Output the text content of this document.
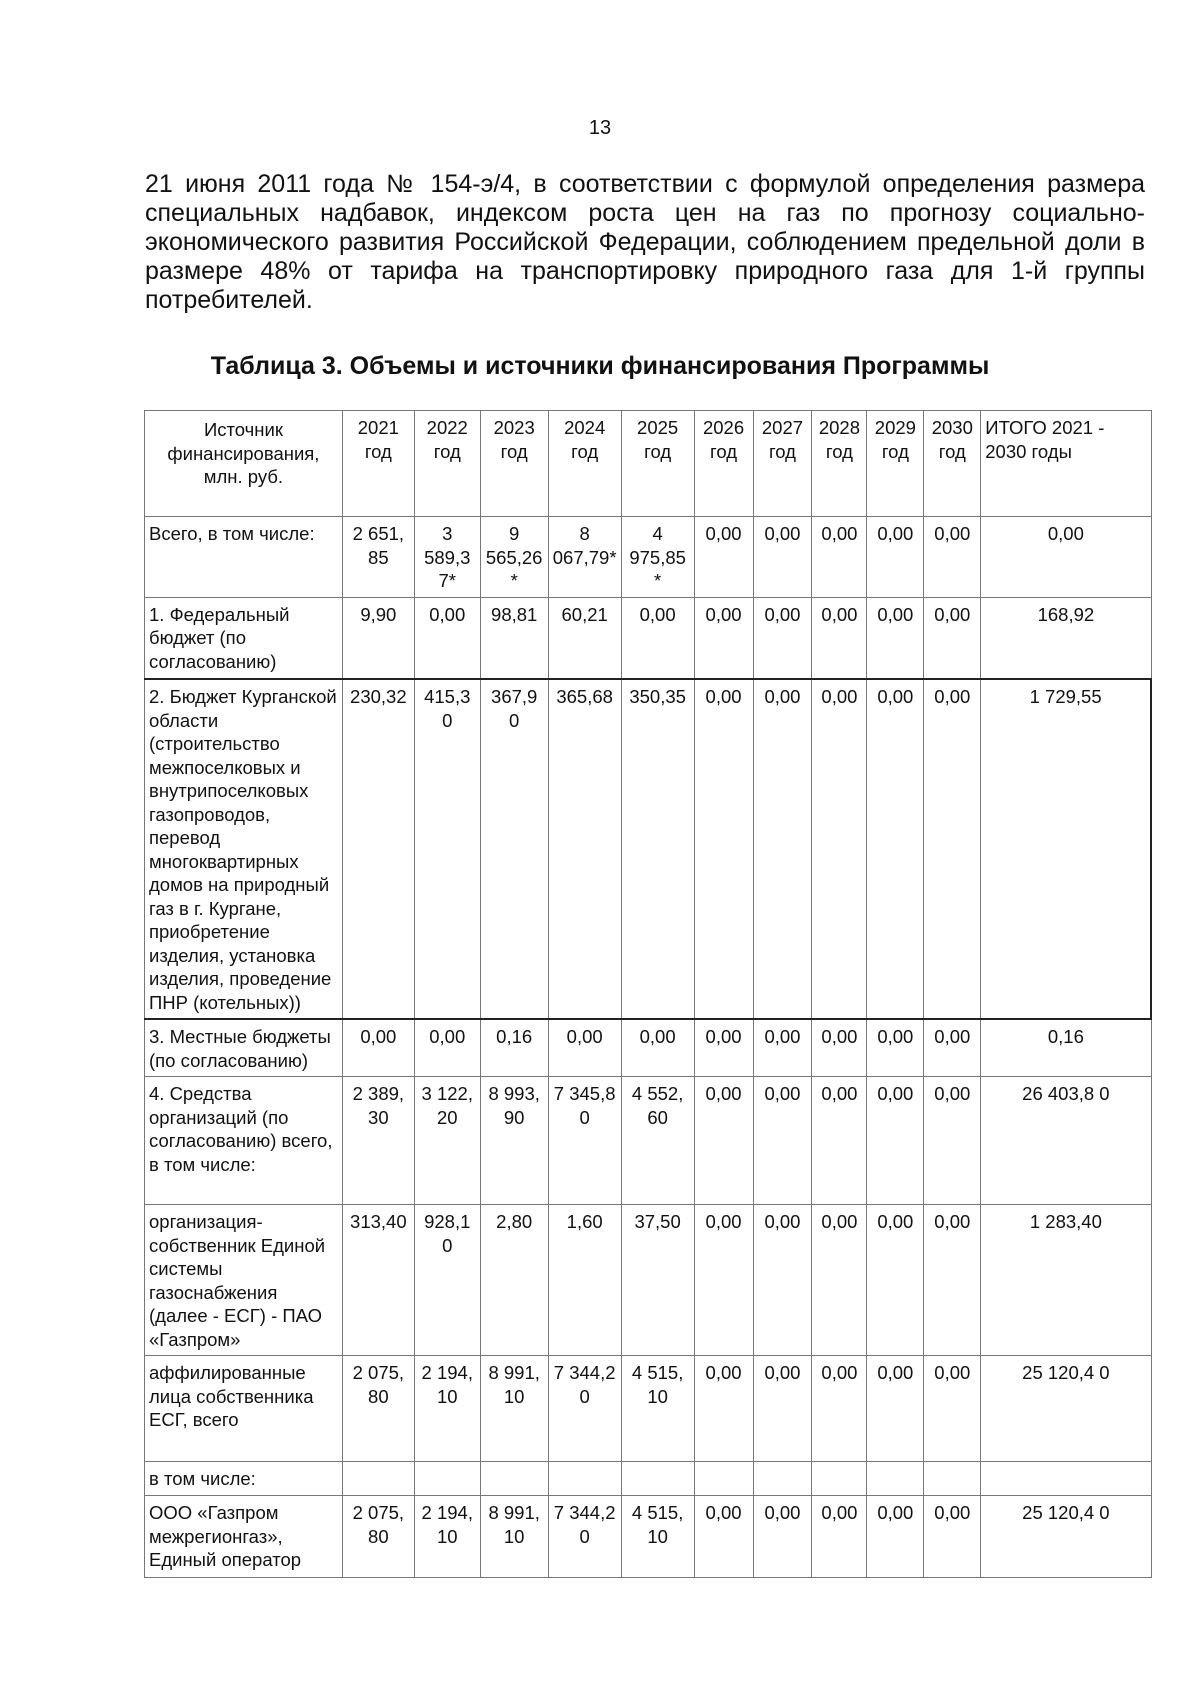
13
21 июня 2011 года № 154-э/4, в соответствии с формулой определения размера специальных надбавок, индексом роста цен на газ по прогнозу социально-экономического развития Российской Федерации, соблюдением предельной доли в размере 48% от тарифа на транспортировку природного газа для 1-й группы потребителей.
Таблица 3. Объемы и источники финансирования Программы
Источник финансирования, млн. руб.	2021 год	2022 год	2023 год	2024 год	2025 год	2026 год	2027 год	2028 год	2029 год	2030 год	ИТОГО 2021 - 2030 годы
Всего, в том числе:	2 651, 85	3 589,3 7*	9 565,26 *	8 067,79*	4 975,85 *	0,00	0,00	0,00	0,00	0,00	0,00
1. Федеральный бюджет (по согласованию)	9,90	0,00	98,81	60,21	0,00	0,00	0,00	0,00	0,00	0,00	168,92
2. Бюджет Курганской области (строительство межпоселковых и внутрипоселковых газопроводов, перевод многоквартирных домов на природный газ в г. Кургане, приобретение изделия, установка изделия, проведение ПНР (котельных))	230,32	415,3 0	367,9 0	365,68	350,35	0,00	0,00	0,00	0,00	0,00	1 729,55
3. Местные бюджеты (по согласованию)	0,00	0,00	0,16	0,00	0,00	0,00	0,00	0,00	0,00	0,00	0,16
4. Средства организаций (по согласованию) всего, в том числе:	2 389, 30	3 122, 20	8 993, 90	7 345,8 0	4 552, 60	0,00	0,00	0,00	0,00	0,00	26 403,8 0
организация-собственник Единой системы газоснабжения (далее - ЕСГ) - ПАО «Газпром»	313,40	928,1 0	2,80	1,60	37,50	0,00	0,00	0,00	0,00	0,00	1 283,40
аффилированные лица собственника ЕСГ, всего	2 075, 80	2 194, 10	8 991, 10	7 344,2 0	4 515, 10	0,00	0,00	0,00	0,00	0,00	25 120,4 0
в том числе:											
ООО «Газпром межрегионгаз», Единый оператор	2 075, 80	2 194, 10	8 991, 10	7 344,2 0	4 515, 10	0,00	0,00	0,00	0,00	0,00	25 120,4 0
